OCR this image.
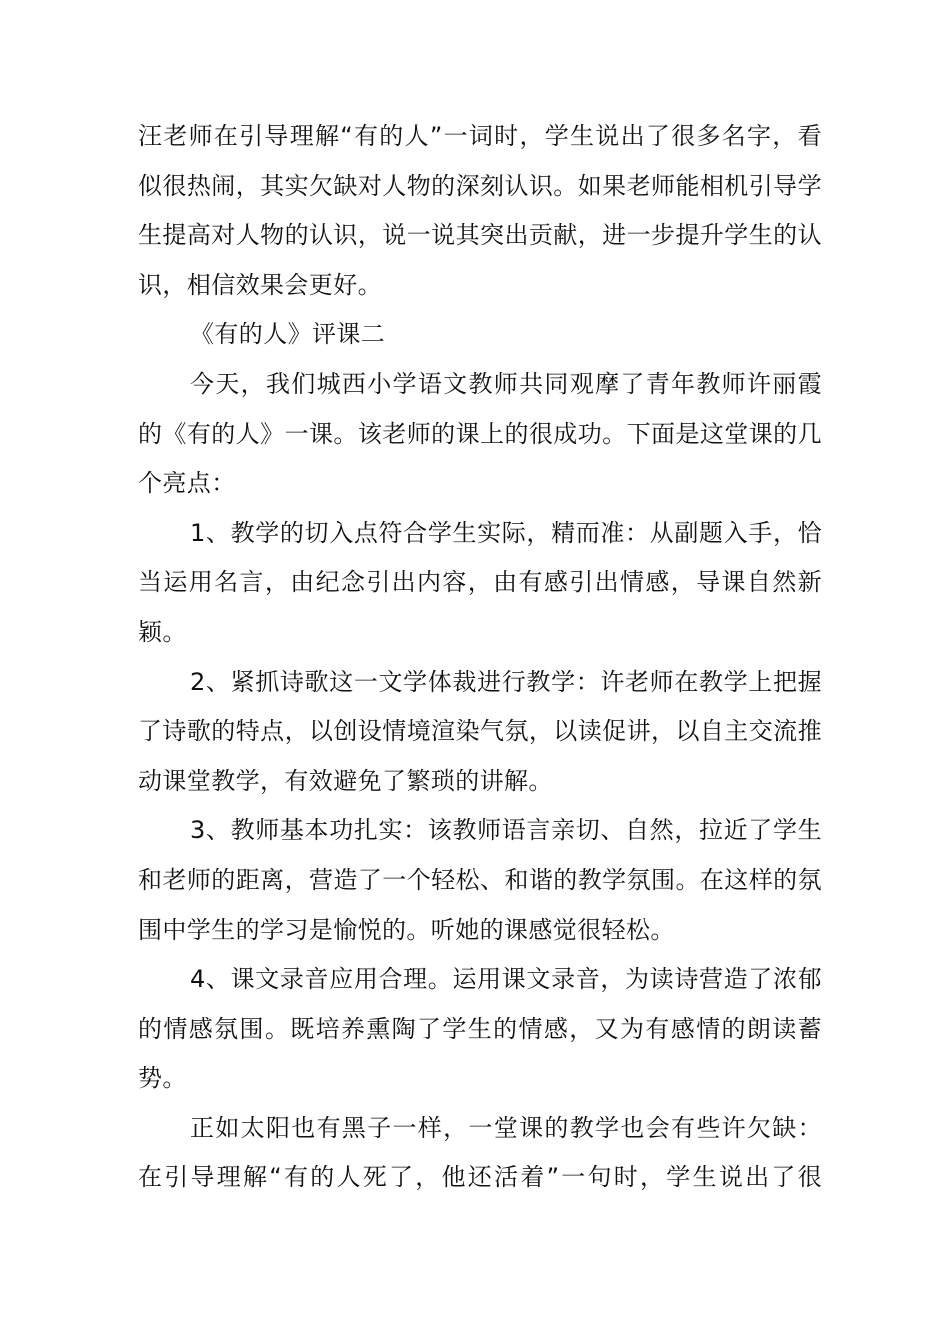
汪老师在引导理解“有的人”一词时，学生说出了很多名字，看似很热闹，其实欠缺对人物的深刻认识。如果老师能相机引导学生提高对人物的认识，说一说其突出贡献，进一步提升学生的认识，相信效果会更好。

《有的人》评课二

今天，我们城西小学语文教师共同观摩了青年教师许丽霞的《有的人》一课。该老师的课上的很成功。下面是这堂课的几个亮点：

1、教学的切入点符合学生实际，精而准：从副题入手，恰当运用名言，由纪念引出内容，由有感引出情感，导课自然新颖。

2、紧抓诗歌这一文学体裁进行教学：许老师在教学上把握了诗歌的特点，以创设情境渲染气氛，以读促讲，以自主交流推动课堂教学，有效避免了繁琐的讲解。

3、教师基本功扎实：该教师语言亲切、自然，拉近了学生和老师的距离，营造了一个轻松、和谐的教学氛围。在这样的氛围中学生的学习是愉悦的。听她的课感觉很轻松。

4、课文录音应用合理。运用课文录音，为读诗营造了浓郁的情感氛围。既培养熏陶了学生的情感，又为有感情的朗读蓄势。

正如太阳也有黑子一样，一堂课的教学也会有些许欠缺：在引导理解“有的人死了，他还活着”一句时，学生说出了很
